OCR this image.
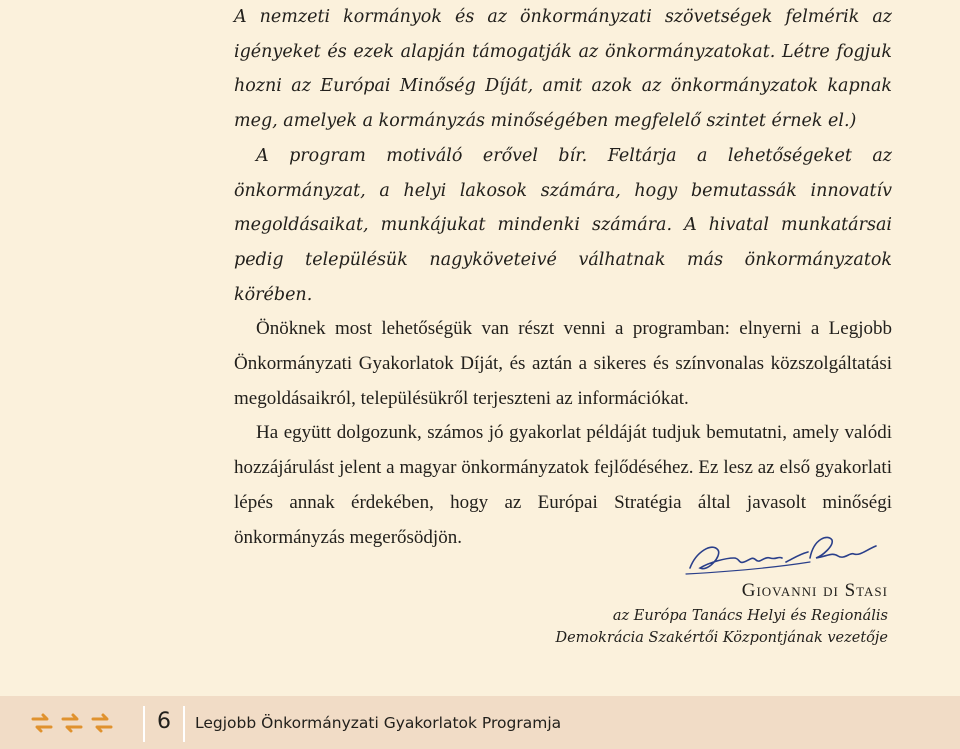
A nemzeti kormányok és az önkormányzati szövetségek felmérik az igényeket és ezek alapján támogatják az önkormányzatokat. Létre fogjuk hozni az Európai Minőség Díját, amit azok az önkormányzatok kapnak meg, amelyek a kormányzás minőségében megfelelő szintet érnek el.)

A program motiváló erővel bír. Feltárja a lehetőségeket az önkormányzat, a helyi lakosok számára, hogy bemutassák innovatív megoldásaikat, munkájukat mindenki számára. A hivatal munkatársai pedig településük nagyköveteivé válhatnak más önkormányzatok körében.

Önöknek most lehetőségük van részt venni a programban: elnyerni a Legjobb Önkormányzati Gyakorlatok Díját, és aztán a sikeres és színvonalas közszolgáltatási megoldásaikról, településükről terjeszteni az információkat.

Ha együtt dolgozunk, számos jó gyakorlat példáját tudjuk bemutatni, amely valódi hozzájárulást jelent a magyar önkormányzatok fejlődéséhez. Ez lesz az első gyakorlati lépés annak érdekében, hogy az Európai Stratégia által javasolt minőségi önkormányzás megerősödjön.

Giovanni di Stasi
az Európa Tanács Helyi és Regionális
Demokrácia Szakértői Központjának vezetője
6 Legjobb Önkormányzati Gyakorlatok Programja
